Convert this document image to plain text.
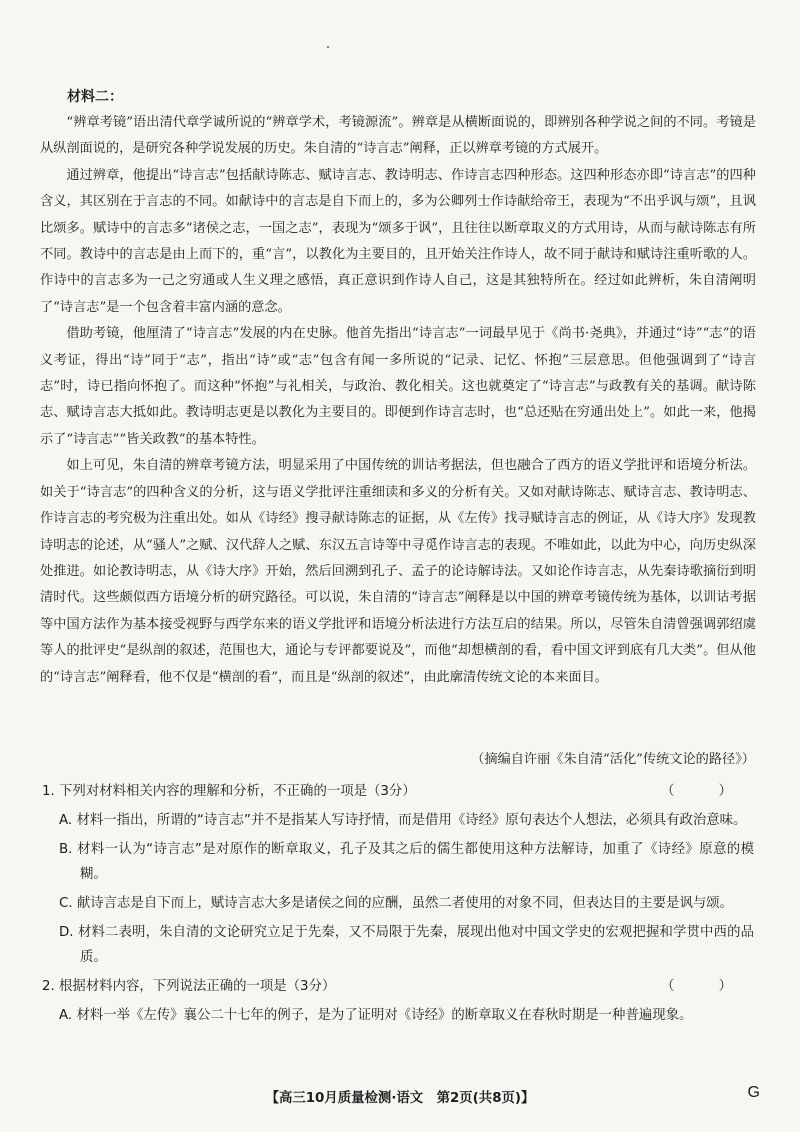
材料二：

“辨章考镜”语出清代章学诚所说的“辨章学术，考镜源流”。辨章是从横断面说的，即辨别各种学说之间的不同。考镜是从纵剖面说的，是研究各种学说发展的历史。朱自清的“诗言志”阐释，正以辨章考镜的方式展开。

通过辨章，他提出“诗言志”包括献诗陈志、赋诗言志、教诗明志、作诗言志四种形态。这四种形态亦即“诗言志”的四种含义，其区别在于言志的不同。如献诗中的言志是自下而上的，多为公卿列士作诗献给帝王，表现为“不出乎讽与颂”，且讽比颂多。赋诗中的言志多“诸侯之志，一国之志”，表现为“颂多于讽”，且往往以断章取义的方式用诗，从而与献诗陈志有所不同。教诗中的言志是由上而下的，重“言”，以教化为主要目的，且开始关注作诗人，故不同于献诗和赋诗注重听歌的人。作诗中的言志多为一己之穷通或人生义理之感悟，真正意识到作诗人自己，这是其独特所在。经过如此辨析，朱自清阐明了“诗言志”是一个包含着丰富内涵的意念。

借助考镜，他厘清了“诗言志”发展的内在史脉。他首先指出“诗言志”一词最早见于《尚书·尧典》，并通过“诗”“志”的语义考证，得出“诗”同于“志”，指出“诗”或“志”包含有闻一多所说的“记录、记忆、怀抱”三层意思。但他强调到了“诗言志”时，诗已指向怀抱了。而这种“怀抱”与礼相关，与政治、教化相关。这也就奠定了“诗言志”与政教有关的基调。献诗陈志、赋诗言志大抵如此。教诗明志更是以教化为主要目的。即便到作诗言志时，也“总还贴在穷通出处上”。如此一来，他揭示了“诗言志”“皆关政教”的基本特性。

如上可见，朱自清的辨章考镜方法，明显采用了中国传统的训诂考据法，但也融合了西方的语义学批评和语境分析法。如关于“诗言志”的四种含义的分析，这与语义学批评注重细读和多义的分析有关。又如对献诗陈志、赋诗言志、教诗明志、作诗言志的考究极为注重出处。如从《诗经》搜寻献诗陈志的证据，从《左传》找寻赋诗言志的例证，从《诗大序》发现教诗明志的论述，从“骚人”之赋、汉代辞人之赋、东汉五言诗等中寻觅作诗言志的表现。不唯如此，以此为中心，向历史纵深处推进。如论教诗明志，从《诗大序》开始，然后回溯到孔子、孟子的论诗解诗法。又如论作诗言志，从先秦诗歌摘衍到明清时代。这些颇似西方语境分析的研究路径。可以说，朱自清的“诗言志”阐释是以中国的辨章考镜传统为基体，以训诂考据等中国方法作为基本接受视野与西学东来的语义学批评和语境分析法进行方法互启的结果。所以，尽管朱自清曾强调郭绍虞等人的批评史“是纵剖的叙述，范围也大，通论与专评都要说及”，而他“却想横剖的看，看中国文评到底有几大类”。但从他的“诗言志”阐释看，他不仅是“横剖的看”，而且是“纵剖的叙述”，由此廓清传统文论的本来面目。

（摘编自许丽《朱自清“活化”传统文论的路径》）
1. 下列对材料相关内容的理解和分析，不正确的一项是（3分）	（ ）
A. 材料一指出，所谓的“诗言志”并不是指某人写诗抒情，而是借用《诗经》原句表达个人想法，必须具有政治意味。
B. 材料一认为“诗言志”是对原作的断章取义，孔子及其之后的儒生都使用这种方法解诗，加重了《诗经》原意的模糊。
C. 献诗言志是自下而上，赋诗言志大多是诸侯之间的应酬，虽然二者使用的对象不同，但表达目的主要是讽与颂。
D. 材料二表明，朱自清的文论研究立足于先秦，又不局限于先秦，展现出他对中国文学史的宏观把握和学贯中西的品质。
2. 根据材料内容，下列说法正确的一项是（3分）	（ ）
A. 材料一举《左传》襄公二十七年的例子，是为了证明对《诗经》的断章取义在春秋时期是一种普遍现象。
【高三10月质量检测·语文　第2页(共8页)】	G
